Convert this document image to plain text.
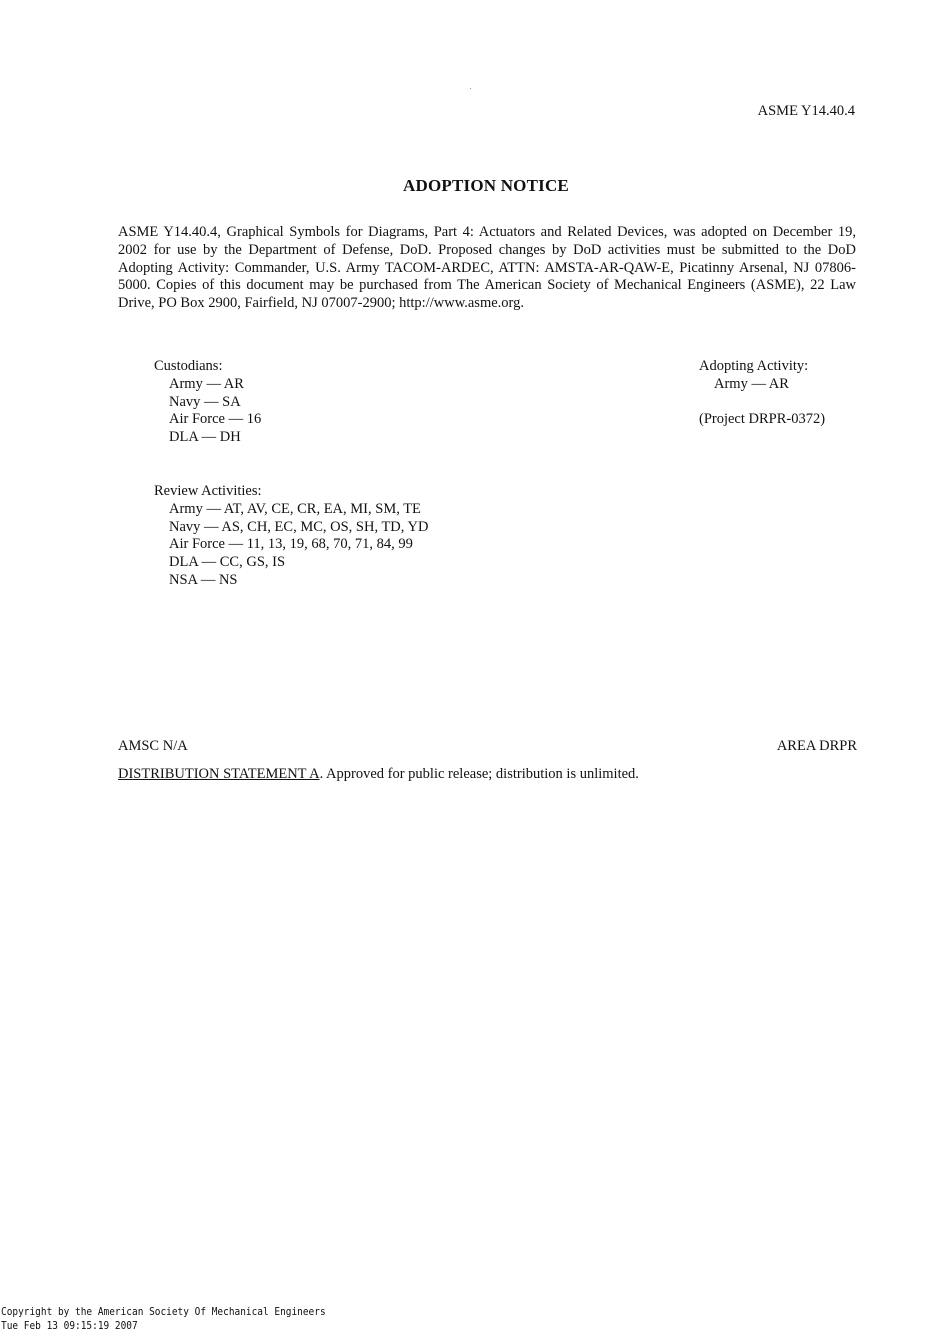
ASME Y14.40.4
ADOPTION NOTICE
ASME Y14.40.4, Graphical Symbols for Diagrams, Part 4: Actuators and Related Devices, was adopted on December 19, 2002 for use by the Department of Defense, DoD. Proposed changes by DoD activities must be submitted to the DoD Adopting Activity: Commander, U.S. Army TACOM-ARDEC, ATTN: AMSTA-AR-QAW-E, Picatinny Arsenal, NJ 07806-5000. Copies of this document may be purchased from The American Society of Mechanical Engineers (ASME), 22 Law Drive, PO Box 2900, Fairfield, NJ 07007-2900; http://www.asme.org.
Custodians:
Army — AR
Navy — SA
Air Force — 16
DLA — DH
Adopting Activity:
Army — AR
(Project DRPR-0372)
Review Activities:
Army — AT, AV, CE, CR, EA, MI, SM, TE
Navy — AS, CH, EC, MC, OS, SH, TD, YD
Air Force — 11, 13, 19, 68, 70, 71, 84, 99
DLA — CC, GS, IS
NSA — NS
AMSC N/A	AREA DRPR
DISTRIBUTION STATEMENT A. Approved for public release; distribution is unlimited.
Copyright by the American Society Of Mechanical Engineers
Tue Feb 13 09:15:19 2007
